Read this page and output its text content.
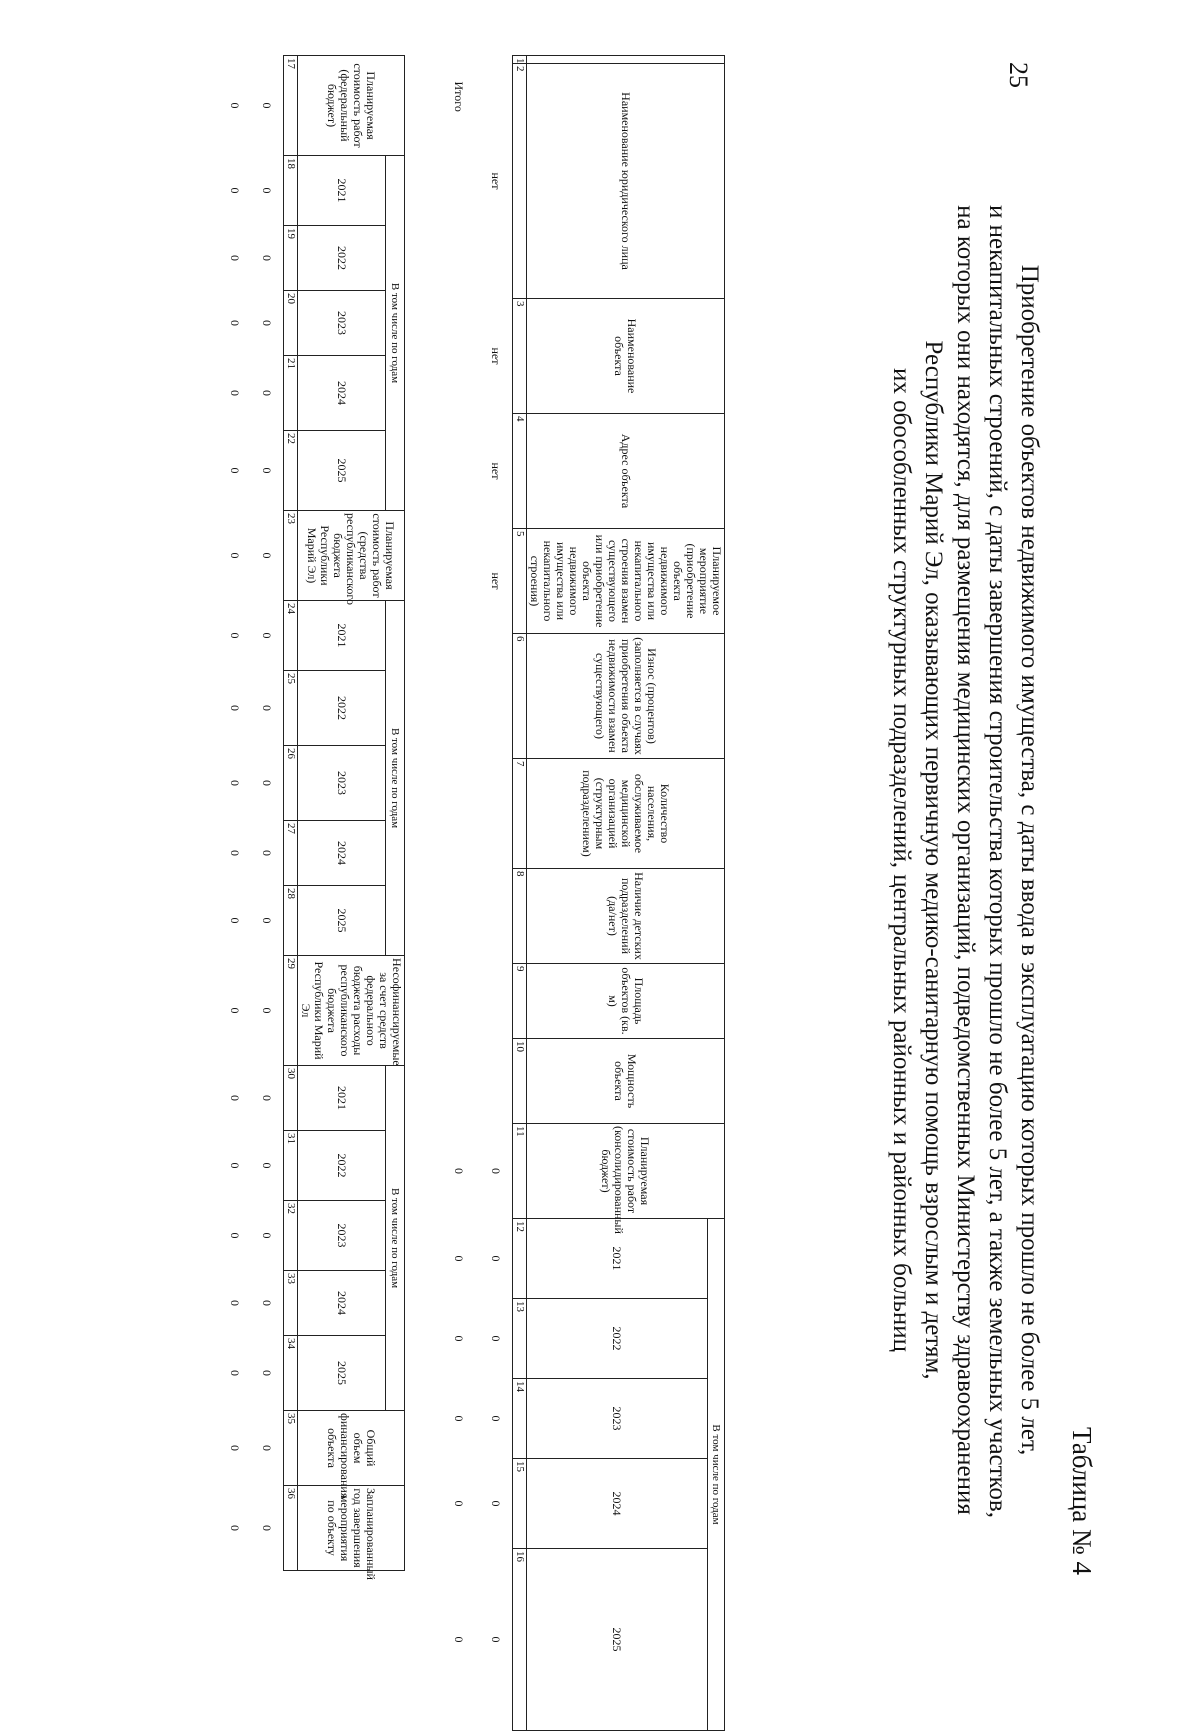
25
Таблица № 4
Приобретение объектов недвижимого имущества, с даты ввода в эксплуатацию которых прошло не более 5 лет,
и некапитальных строений, с даты завершения строительства которых прошло не более 5 лет, а также земельных участков,
на которых они находятся, для размещения медицинских организаций, подведомственных Министерству здравоохранения
Республики Марий Эл, оказывающих первичную медико-санитарную помощь взрослым и детям,
их обособленных структурных подразделений, центральных районных и районных больниц
	Наименование юридического лица	Наименование объекта	Адрес объекта	Планируемое мероприятие (приобретение объекта недвижимого имущества или некапитального строения взамен существующего или приобретение объекта недвижимого имущества или некапитального строения)	Износ (процентов) (заполняется в случаях приобретения объекта недвижимости взамен существующего)	Количество населения, обслуживаемое медицинской организацией (структурным подразделением)	Наличие детских подразделений (да/нет)	Площадь объектов (кв. м)	Мощность объекта	Планируемая стоимость работ (консолидированный бюджет)	В том числе по годам				
											2021	2022	2023	2024	2025
1	2	3	4	5	6	7	8	9	10	11	12	13	14	15	16
	нет	нет	нет	нет						0	0	0	0	0	0
	Итого									0	0	0	0	0	0
Планируемая стоимость работ (федеральный бюджет)	В том числе по годам					Планируемая стоимость работ (средства республиканского бюджета Республики Марий Эл)	В том числе по годам					Несофинансируемые за счет средств федерального бюджета расходы республиканского бюджета Республики Марий Эл	В том числе по годам					Общий объем финансирования объекта	Запланированный год завершения мероприятия по объекту
	2021	2022	2023	2024	2025		2021	2022	2023	2024	2025		2021	2022	2023	2024	2025		
17	18	19	20	21	22	23	24	25	26	27	28	29	30	31	32	33	34	35	36
0	0	0	0	0	0	0	0	0	0	0	0	0	0	0	0	0	0	0	0
0	0	0	0	0	0	0	0	0	0	0	0	0	0	0	0	0	0	0	0
